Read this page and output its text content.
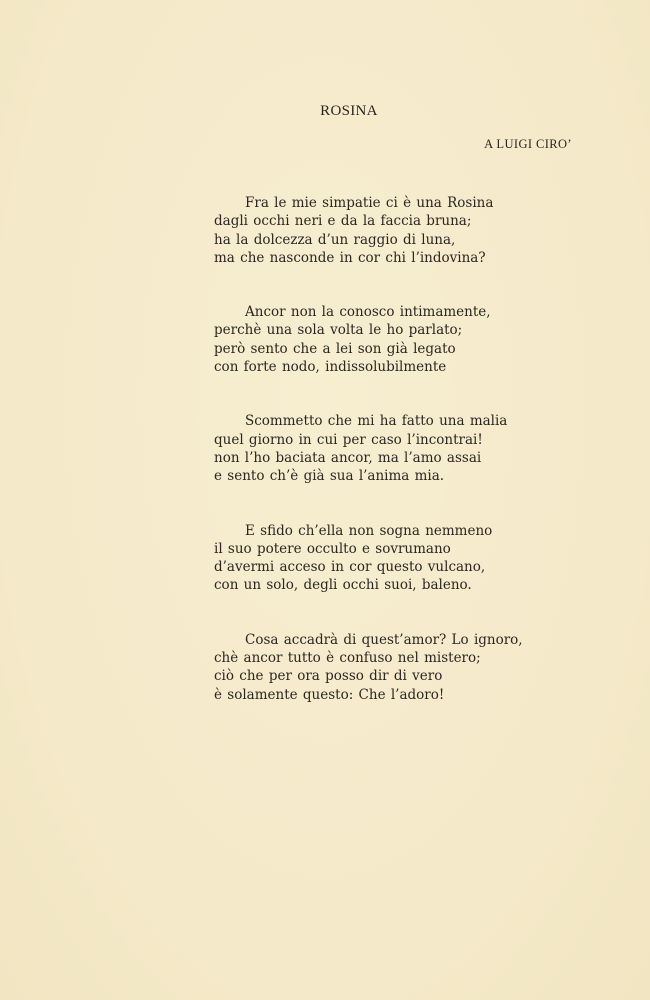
ROSINA
A LUIGI CIRO’
Fra le mie simpatie ci è una Rosina
dagli occhi neri e da la faccia bruna;
ha la dolcezza d’un raggio di luna,
ma che nasconde in cor chi l’indovina?
Ancor non la conosco intimamente,
perchè una sola volta le ho parlato;
però sento che a lei son già legato
con forte nodo, indissolubilmente
Scommetto che mi ha fatto una malia
quel giorno in cui per caso l’incontrai!
non l’ho baciata ancor, ma l’amo assai
e sento ch’è già sua l’anima mia.
E sfido ch’ella non sogna nemmeno
il suo potere occulto e sovrumano
d’avermi acceso in cor questo vulcano,
con un solo, degli occhi suoi, baleno.
Cosa accadrà di quest’amor? Lo ignoro,
chè ancor tutto è confuso nel mistero;
ciò che per ora posso dir di vero
è solamente questo: Che l’adoro!
